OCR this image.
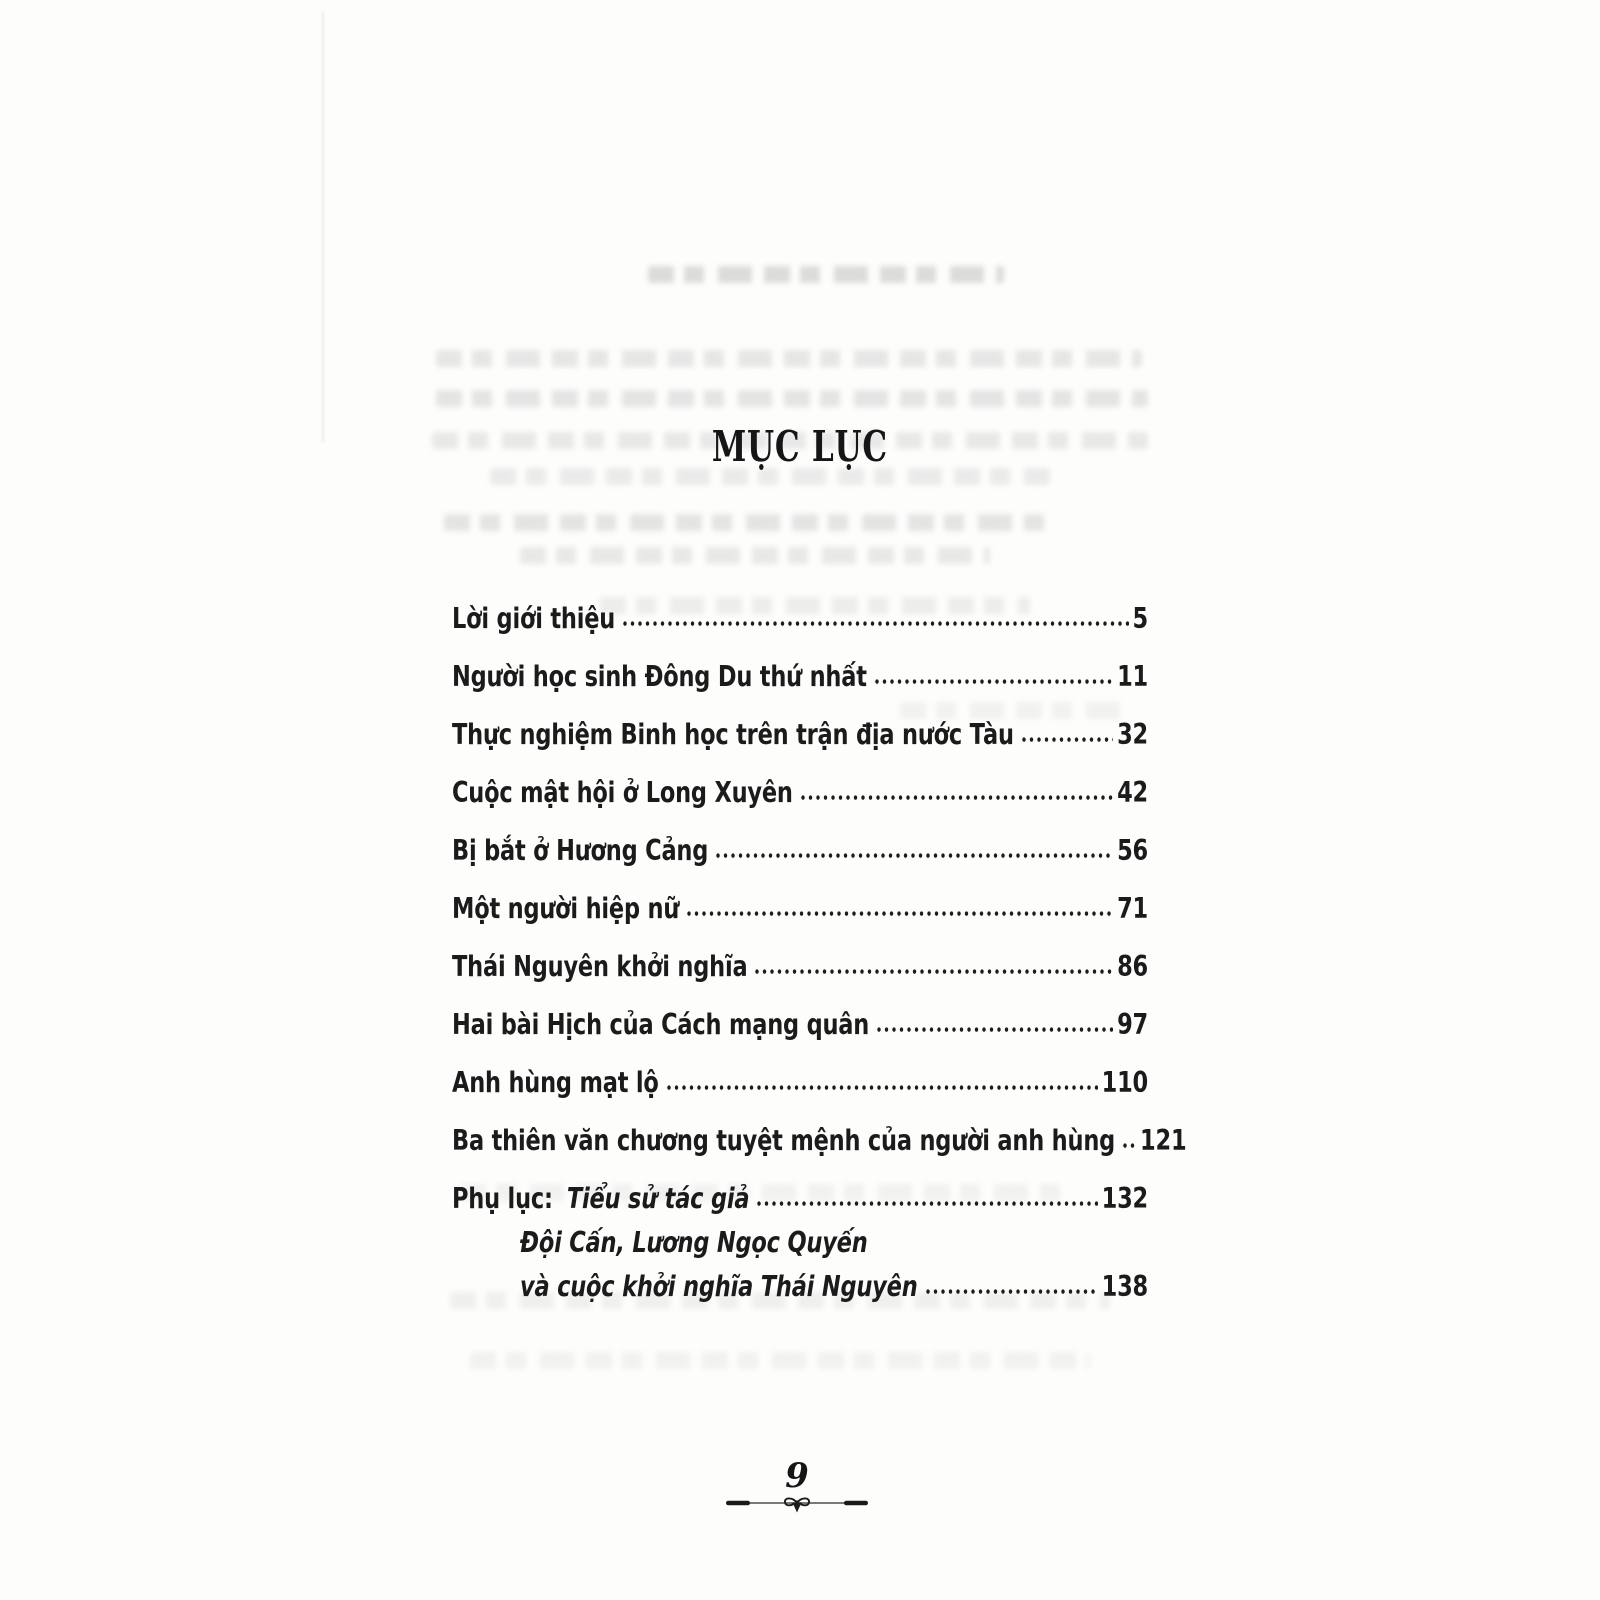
MỤC LỤC
Lời giới thiệu	5
Người học sinh Đông Du thứ nhất	11
Thực nghiệm Binh học trên trận địa nước Tàu	32
Cuộc mật hội ở Long Xuyên	42
Bị bắt ở Hương Cảng	56
Một người hiệp nữ	71
Thái Nguyên khởi nghĩa	86
Hai bài Hịch của Cách mạng quân	97
Anh hùng mạt lộ	110
Ba thiên văn chương tuyệt mệnh của người anh hùng 121
Phụ lục: Tiểu sử tác giả	132
Đội Cấn, Lương Ngọc Quyến
và cuộc khởi nghĩa Thái Nguyên	138
9
